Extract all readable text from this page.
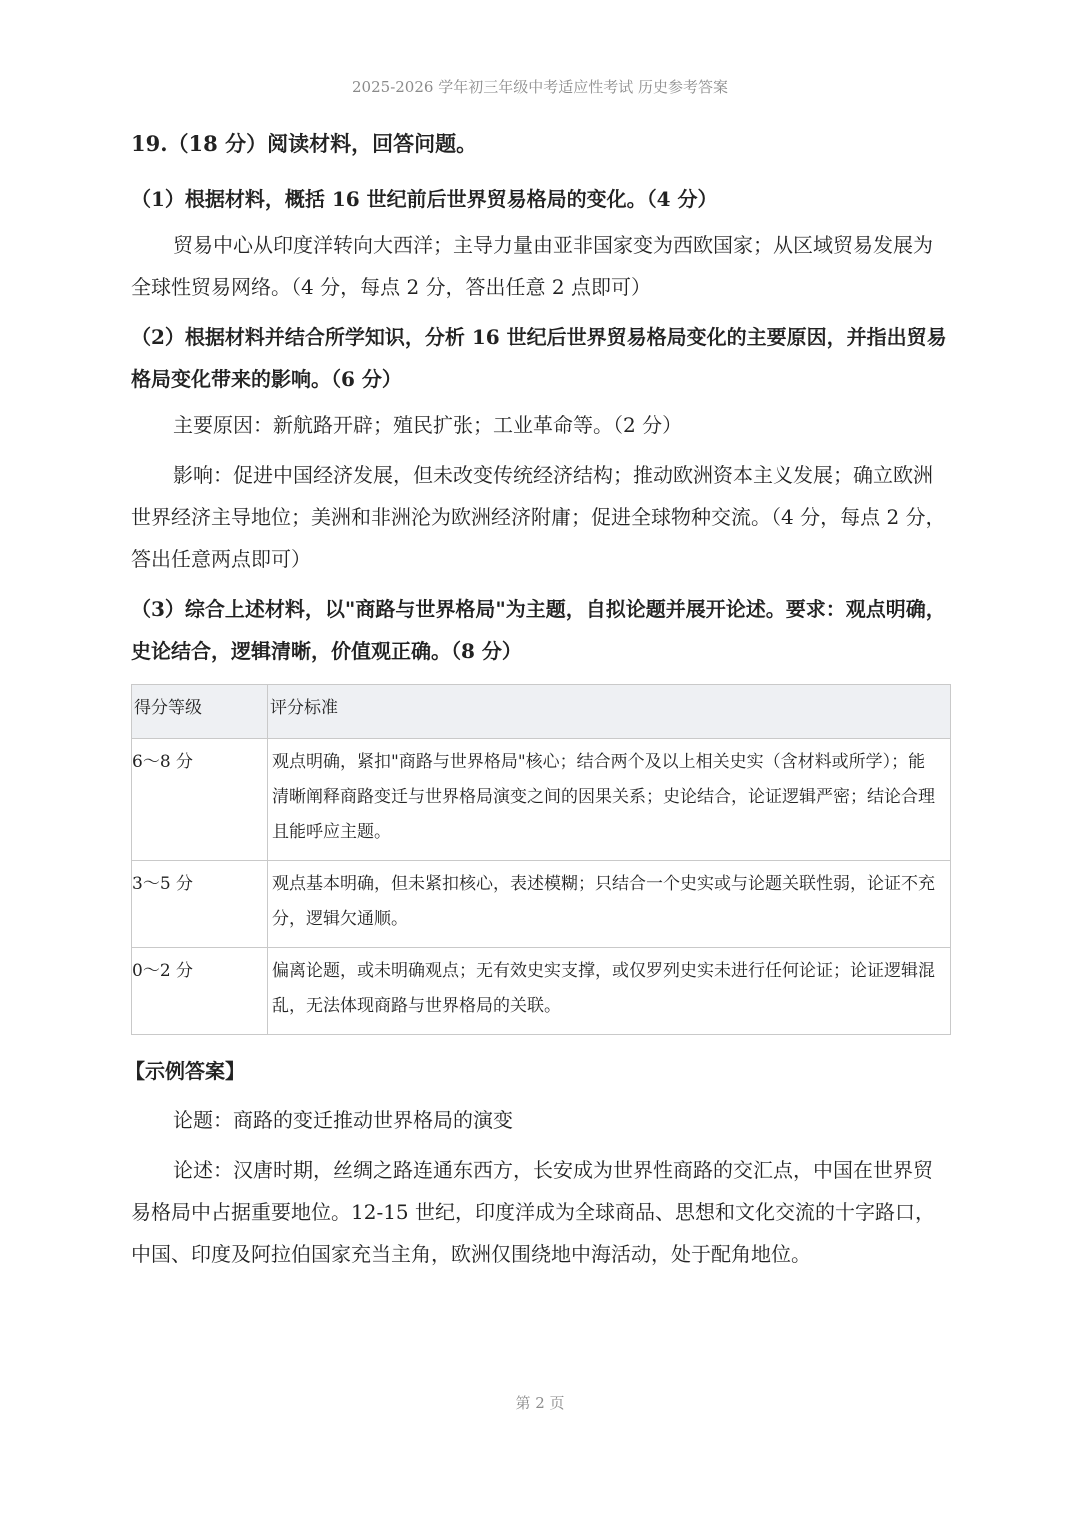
2025-2026 学年初三年级中考适应性考试 历史参考答案
19.（18 分）阅读材料，回答问题。
（1）根据材料，概括 16 世纪前后世界贸易格局的变化。（4 分）

贸易中心从印度洋转向大西洋；主导力量由亚非国家变为西欧国家；从区域贸易发展为全球性贸易网络。（4 分，每点 2 分，答出任意 2 点即可）

（2）根据材料并结合所学知识，分析 16 世纪后世界贸易格局变化的主要原因，并指出贸易格局变化带来的影响。（6 分）

主要原因：新航路开辟；殖民扩张；工业革命等。（2 分）

影响：促进中国经济发展，但未改变传统经济结构；推动欧洲资本主义发展；确立欧洲世界经济主导地位；美洲和非洲沦为欧洲经济附庸；促进全球物种交流。（4 分，每点 2 分，答出任意两点即可）

（3）综合上述材料，以"商路与世界格局"为主题，自拟论题并展开论述。要求：观点明确，史论结合，逻辑清晰，价值观正确。（8 分）
得分等级	评分标准
6～8 分	观点明确，紧扣"商路与世界格局"核心；结合两个及以上相关史实（含材料或所学）；能清晰阐释商路变迁与世界格局演变之间的因果关系；史论结合，论证逻辑严密；结论合理且能呼应主题。
3～5 分	观点基本明确，但未紧扣核心，表述模糊；只结合一个史实或与论题关联性弱，论证不充分，逻辑欠通顺。
0～2 分	偏离论题，或未明确观点；无有效史实支撑，或仅罗列史实未进行任何论证；论证逻辑混乱，无法体现商路与世界格局的关联。
【示例答案】

论题：商路的变迁推动世界格局的演变

论述：汉唐时期，丝绸之路连通东西方，长安成为世界性商路的交汇点，中国在世界贸易格局中占据重要地位。12-15 世纪，印度洋成为全球商品、思想和文化交流的十字路口，中国、印度及阿拉伯国家充当主角，欧洲仅围绕地中海活动，处于配角地位。

第 2 页
